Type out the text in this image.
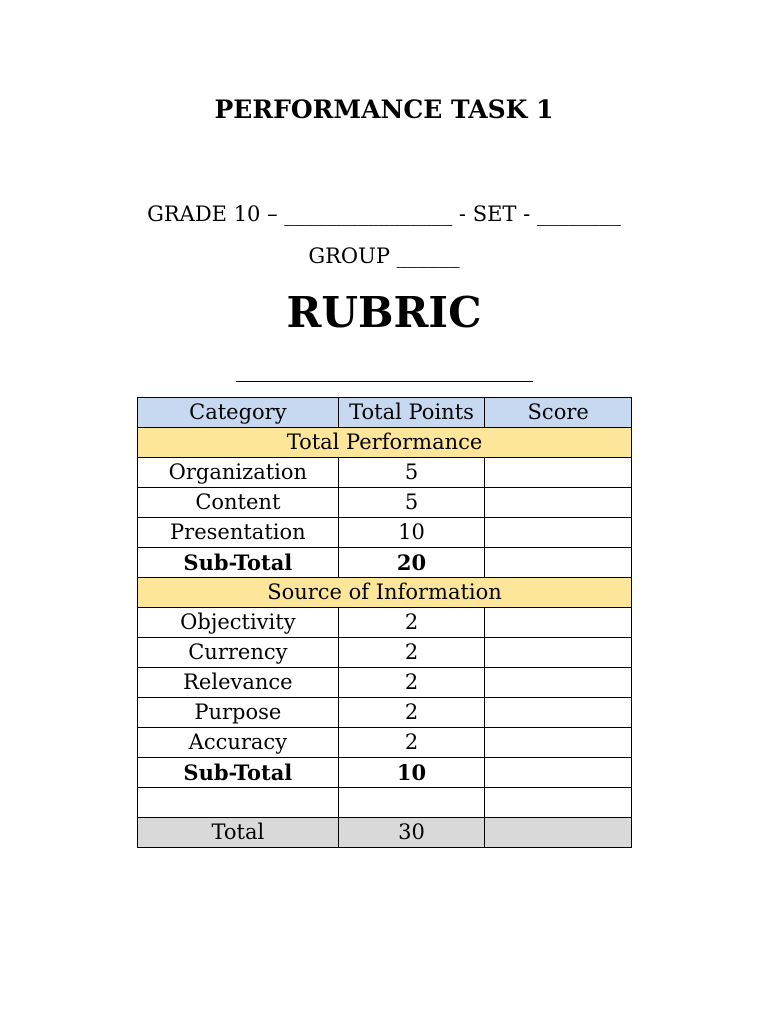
PERFORMANCE TASK 1
GRADE 10 – ________________ - SET - ________
GROUP ______
RUBRIC
Category	Total Points	Score
Total Performance		
Organization	5	
Content	5	
Presentation	10	
Sub-Total	20	
Source of Information		
Objectivity	2	
Currency	2	
Relevance	2	
Purpose	2	
Accuracy	2	
Sub-Total	10	

Total	30	
